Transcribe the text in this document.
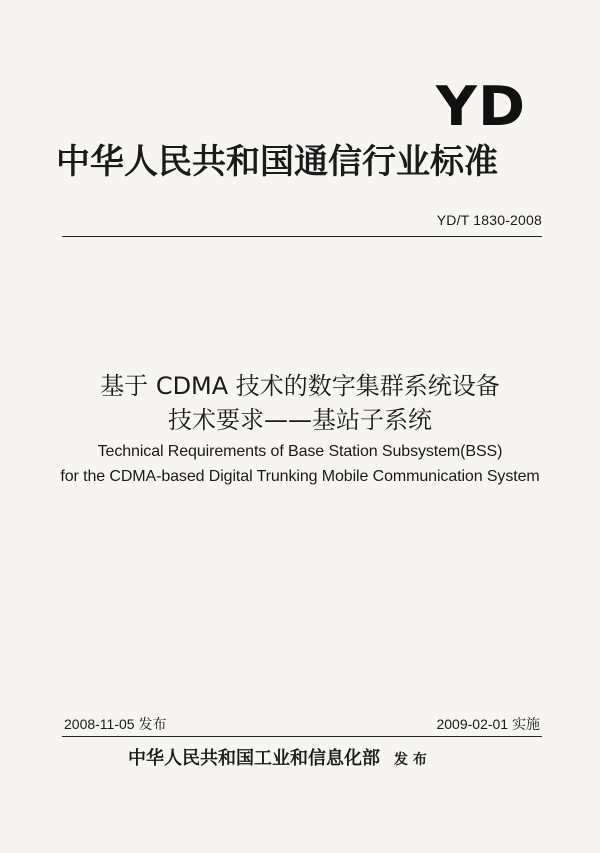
YD
中华人民共和国通信行业标准
YD/T 1830-2008
基于 CDMA 技术的数字集群系统设备
技术要求——基站子系统
Technical Requirements of Base Station Subsystem(BSS)
for the CDMA-based Digital Trunking Mobile Communication System
2008-11-05 发布	2009-02-01 实施
中华人民共和国工业和信息化部 发 布
